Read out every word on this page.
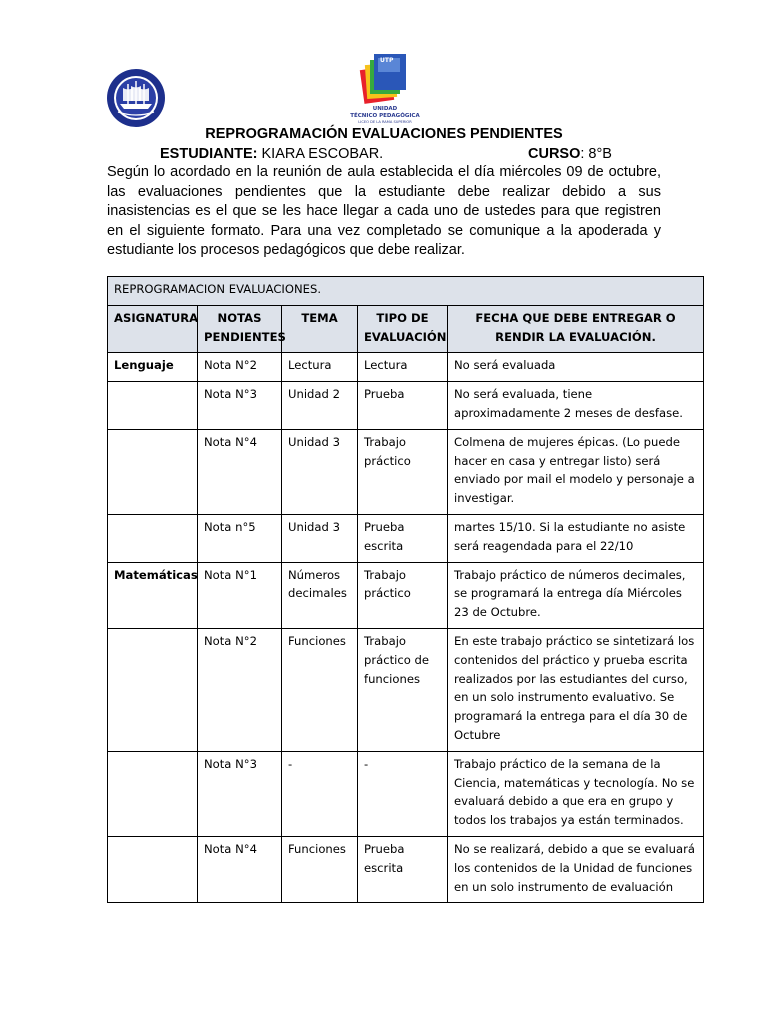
UTP
UNIDAD
TÉCNICO PEDAGÓGICA
LICEO DE LA RAMA SUPERIOR
REPROGRAMACIÓN EVALUACIONES PENDIENTES
ESTUDIANTE: KIARA ESCOBAR.	CURSO: 8°B
Según lo acordado en la reunión de aula establecida el día miércoles 09 de octubre, las evaluaciones pendientes que la estudiante debe realizar debido a sus inasistencias es el que se les hace llegar a cada uno de ustedes para que registren en el siguiente formato. Para una vez completado se comunique a la apoderada y estudiante los procesos pedagógicos que debe realizar.
REPROGRAMACION EVALUACIONES.				
ASIGNATURA	NOTAS PENDIENTES	TEMA	TIPO DE EVALUACIÓN	FECHA QUE DEBE ENTREGAR O RENDIR LA EVALUACIÓN.
Lenguaje	Nota N°2	Lectura	Lectura	No será evaluada
	Nota N°3	Unidad 2	Prueba	No será evaluada, tiene aproximadamente 2 meses de desfase.
	Nota N°4	Unidad 3	Trabajo práctico	Colmena de mujeres épicas. (Lo puede hacer en casa y entregar listo) será enviado por mail el modelo y personaje a investigar.
	Nota n°5	Unidad 3	Prueba escrita	martes 15/10. Si la estudiante no asiste será reagendada para el 22/10
Matemáticas	Nota N°1	Números decimales	Trabajo práctico	Trabajo práctico de números decimales, se programará la entrega día Miércoles 23 de Octubre.
	Nota N°2	Funciones	Trabajo práctico de funciones	En este trabajo práctico se sintetizará los contenidos del práctico y prueba escrita realizados por las estudiantes del curso, en un solo instrumento evaluativo. Se programará la entrega para el día 30 de Octubre
	Nota N°3	-	-	Trabajo práctico de la semana de la Ciencia, matemáticas y tecnología. No se evaluará debido a que era en grupo y todos los trabajos ya están terminados.
	Nota N°4	Funciones	Prueba escrita	No se realizará, debido a que se evaluará los contenidos de la Unidad de funciones en un solo instrumento de evaluación
